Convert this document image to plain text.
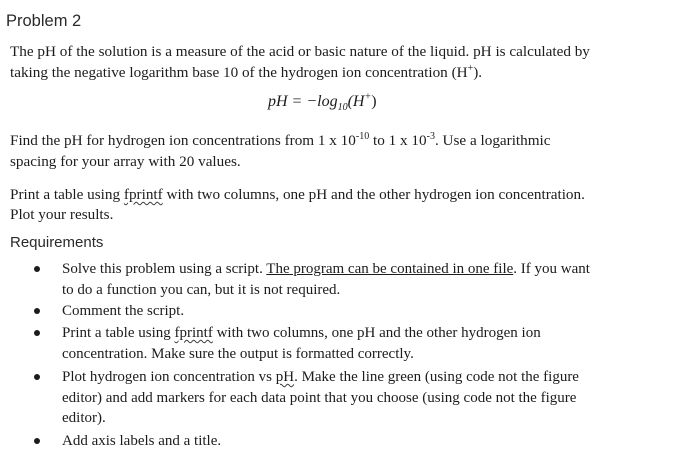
Problem 2
The pH of the solution is a measure of the acid or basic nature of the liquid. pH is calculated by
taking the negative logarithm base 10 of the hydrogen ion concentration (H+).
pH = $-\log_{10}(H^+)$
Find the pH for hydrogen ion concentrations from 1 x $10^{-10}$ to 1 x $10^{-3}$. Use a logarithmic
spacing for your array with 20 values.
Print a table using fprintf with two columns, one pH and the other hydrogen ion concentration.
Plot your results.
Requirements
Solve this problem using a script. The program can be contained in one file. If you want
to do a function you can, but it is not required.
Comment the script.
Print a table using fprintf with two columns, one pH and the other hydrogen ion
concentration. Make sure the output is formatted correctly.
Plot hydrogen ion concentration vs pH. Make the line green (using code not the figure
editor) and add markers for each data point that you choose (using code not the figure
editor).
Add axis labels and a title.
